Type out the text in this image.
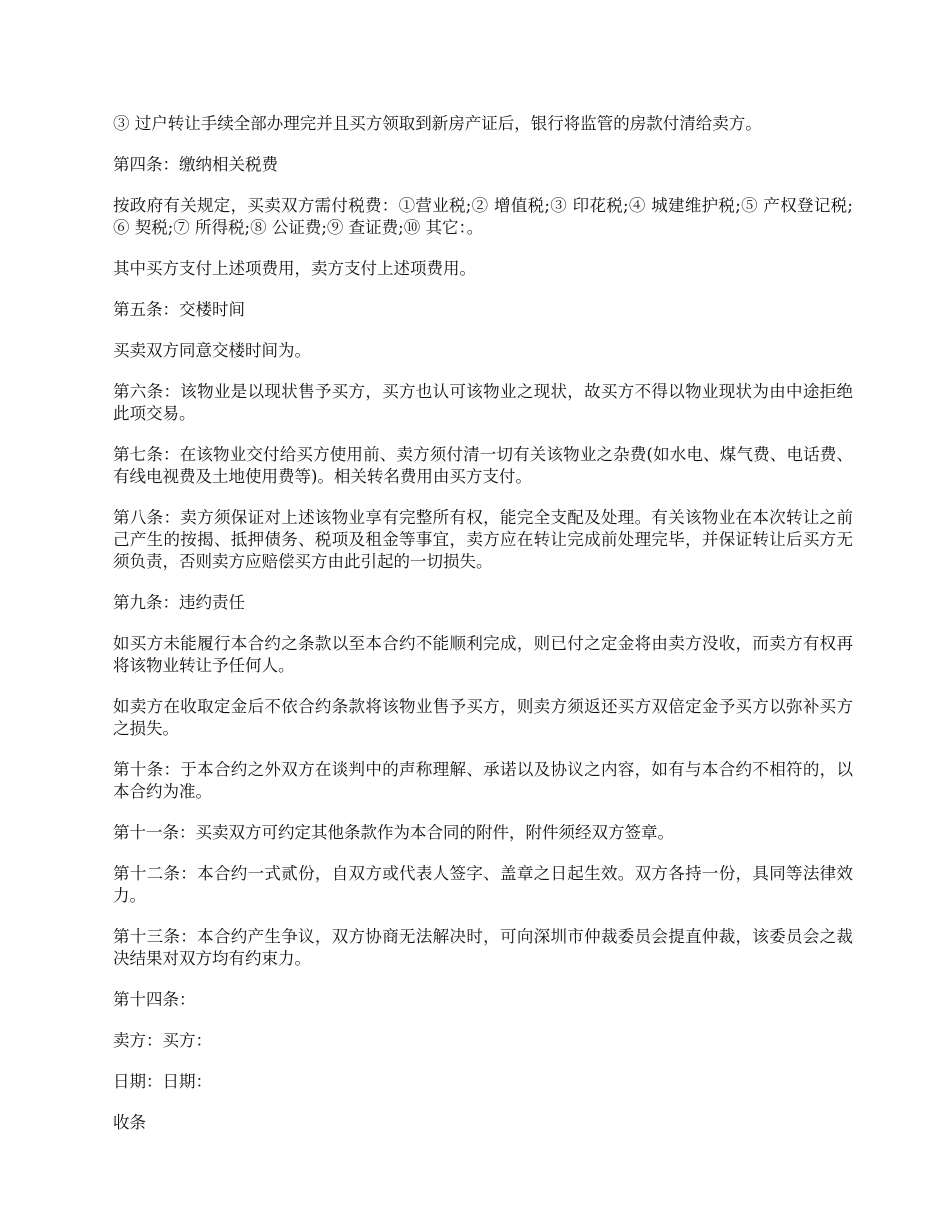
③ 过户转让手续全部办理完并且买方领取到新房产证后，银行将监管的房款付清给卖方。

第四条：缴纳相关税费

按政府有关规定，买卖双方需付税费：①营业税;② 增值税;③ 印花税;④ 城建维护税;⑤ 产权登记税;⑥ 契税;⑦ 所得税;⑧ 公证费;⑨ 查证费;⑩ 其它：。

其中买方支付上述项费用，卖方支付上述项费用。

第五条：交楼时间

买卖双方同意交楼时间为。

第六条：该物业是以现状售予买方，买方也认可该物业之现状，故买方不得以物业现状为由中途拒绝此项交易。

第七条：在该物业交付给买方使用前、卖方须付清一切有关该物业之杂费(如水电、煤气费、电话费、有线电视费及土地使用费等)。相关转名费用由买方支付。

第八条：卖方须保证对上述该物业享有完整所有权，能完全支配及处理。有关该物业在本次转让之前己产生的按揭、抵押债务、税项及租金等事宜，卖方应在转让完成前处理完毕，并保证转让后买方无须负责，否则卖方应赔偿买方由此引起的一切损失。

第九条：违约责任

如买方未能履行本合约之条款以至本合约不能顺利完成，则已付之定金将由卖方没收，而卖方有权再将该物业转让予任何人。

如卖方在收取定金后不依合约条款将该物业售予买方，则卖方须返还买方双倍定金予买方以弥补买方之损失。

第十条：于本合约之外双方在谈判中的声称理解、承诺以及协议之内容，如有与本合约不相符的，以本合约为准。

第十一条：买卖双方可约定其他条款作为本合同的附件，附件须经双方签章。

第十二条：本合约一式贰份，自双方或代表人签字、盖章之日起生效。双方各持一份，具同等法律效力。

第十三条：本合约产生争议，双方协商无法解决时，可向深圳市仲裁委员会提直仲裁，该委员会之裁决结果对双方均有约束力。

第十四条：

卖方：买方：

日期：日期：

收条
